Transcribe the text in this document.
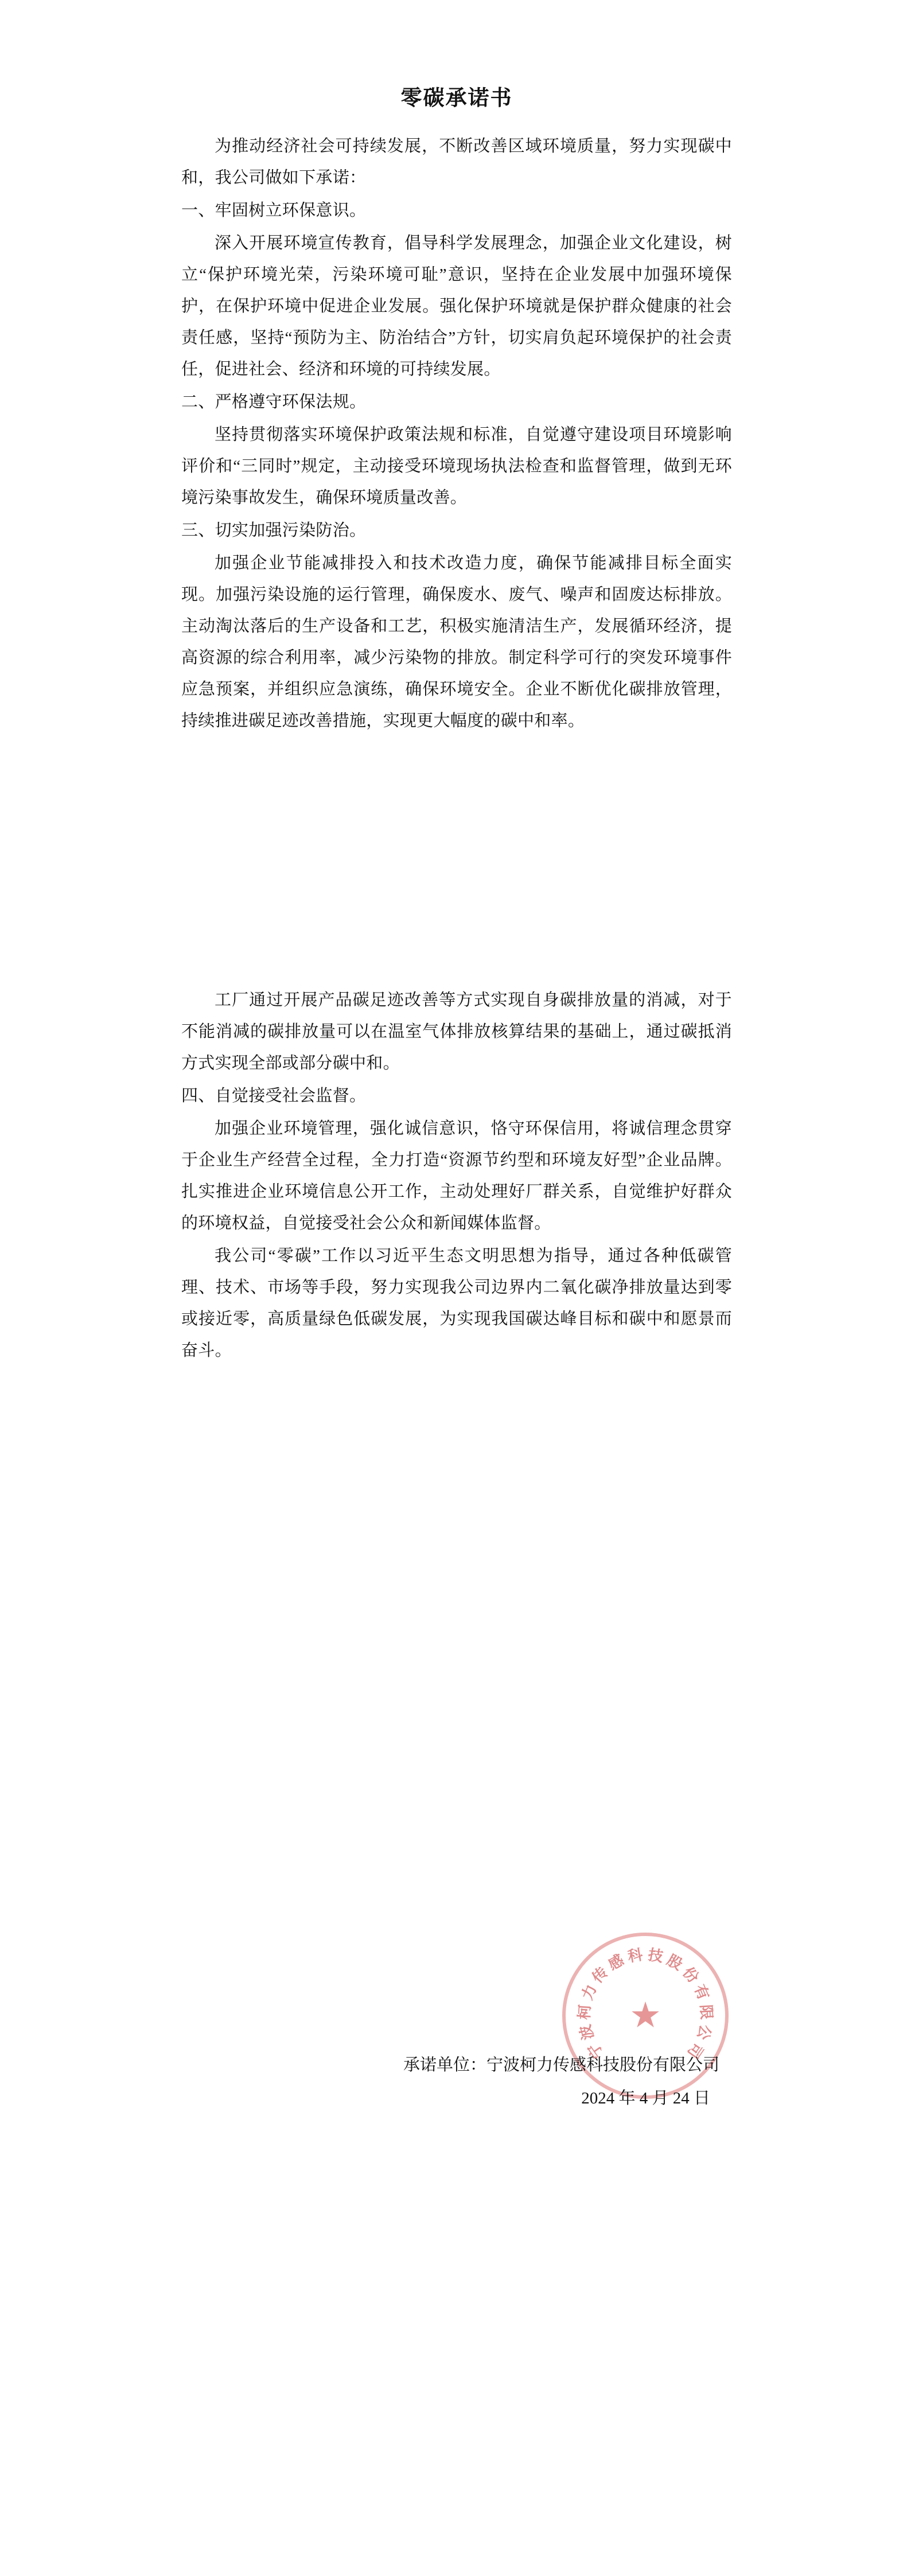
零碳承诺书

为推动经济社会可持续发展，不断改善区域环境质量，努力实现碳中和，我公司做如下承诺：

一、牢固树立环保意识。

深入开展环境宣传教育，倡导科学发展理念，加强企业文化建设，树立“保护环境光荣，污染环境可耻”意识，坚持在企业发展中加强环境保护，在保护环境中促进企业发展。强化保护环境就是保护群众健康的社会责任感，坚持“预防为主、防治结合”方针，切实肩负起环境保护的社会责任，促进社会、经济和环境的可持续发展。

二、严格遵守环保法规。

坚持贯彻落实环境保护政策法规和标准，自觉遵守建设项目环境影响评价和“三同时”规定，主动接受环境现场执法检查和监督管理，做到无环境污染事故发生，确保环境质量改善。

三、切实加强污染防治。

加强企业节能减排投入和技术改造力度，确保节能减排目标全面实现。加强污染设施的运行管理，确保废水、废气、噪声和固废达标排放。主动淘汰落后的生产设备和工艺，积极实施清洁生产，发展循环经济，提高资源的综合利用率，减少污染物的排放。制定科学可行的突发环境事件应急预案，并组织应急演练，确保环境安全。企业不断优化碳排放管理，持续推进碳足迹改善措施，实现更大幅度的碳中和率。

工厂通过开展产品碳足迹改善等方式实现自身碳排放量的消减，对于不能消减的碳排放量可以在温室气体排放核算结果的基础上，通过碳抵消方式实现全部或部分碳中和。

四、自觉接受社会监督。

加强企业环境管理，强化诚信意识，恪守环保信用，将诚信理念贯穿于企业生产经营全过程，全力打造“资源节约型和环境友好型”企业品牌。扎实推进企业环境信息公开工作，主动处理好厂群关系，自觉维护好群众的环境权益，自觉接受社会公众和新闻媒体监督。

我公司“零碳”工作以习近平生态文明思想为指导，通过各种低碳管理、技术、市场等手段，努力实现我公司边界内二氧化碳净排放量达到零或接近零，高质量绿色低碳发展，为实现我国碳达峰目标和碳中和愿景而奋斗。

★
宁
波
柯
力
传
感 科 技 股
份
有
限
公
司
承诺单位：宁波柯力传感科技股份有限公司
2024 年 4 月 24 日
